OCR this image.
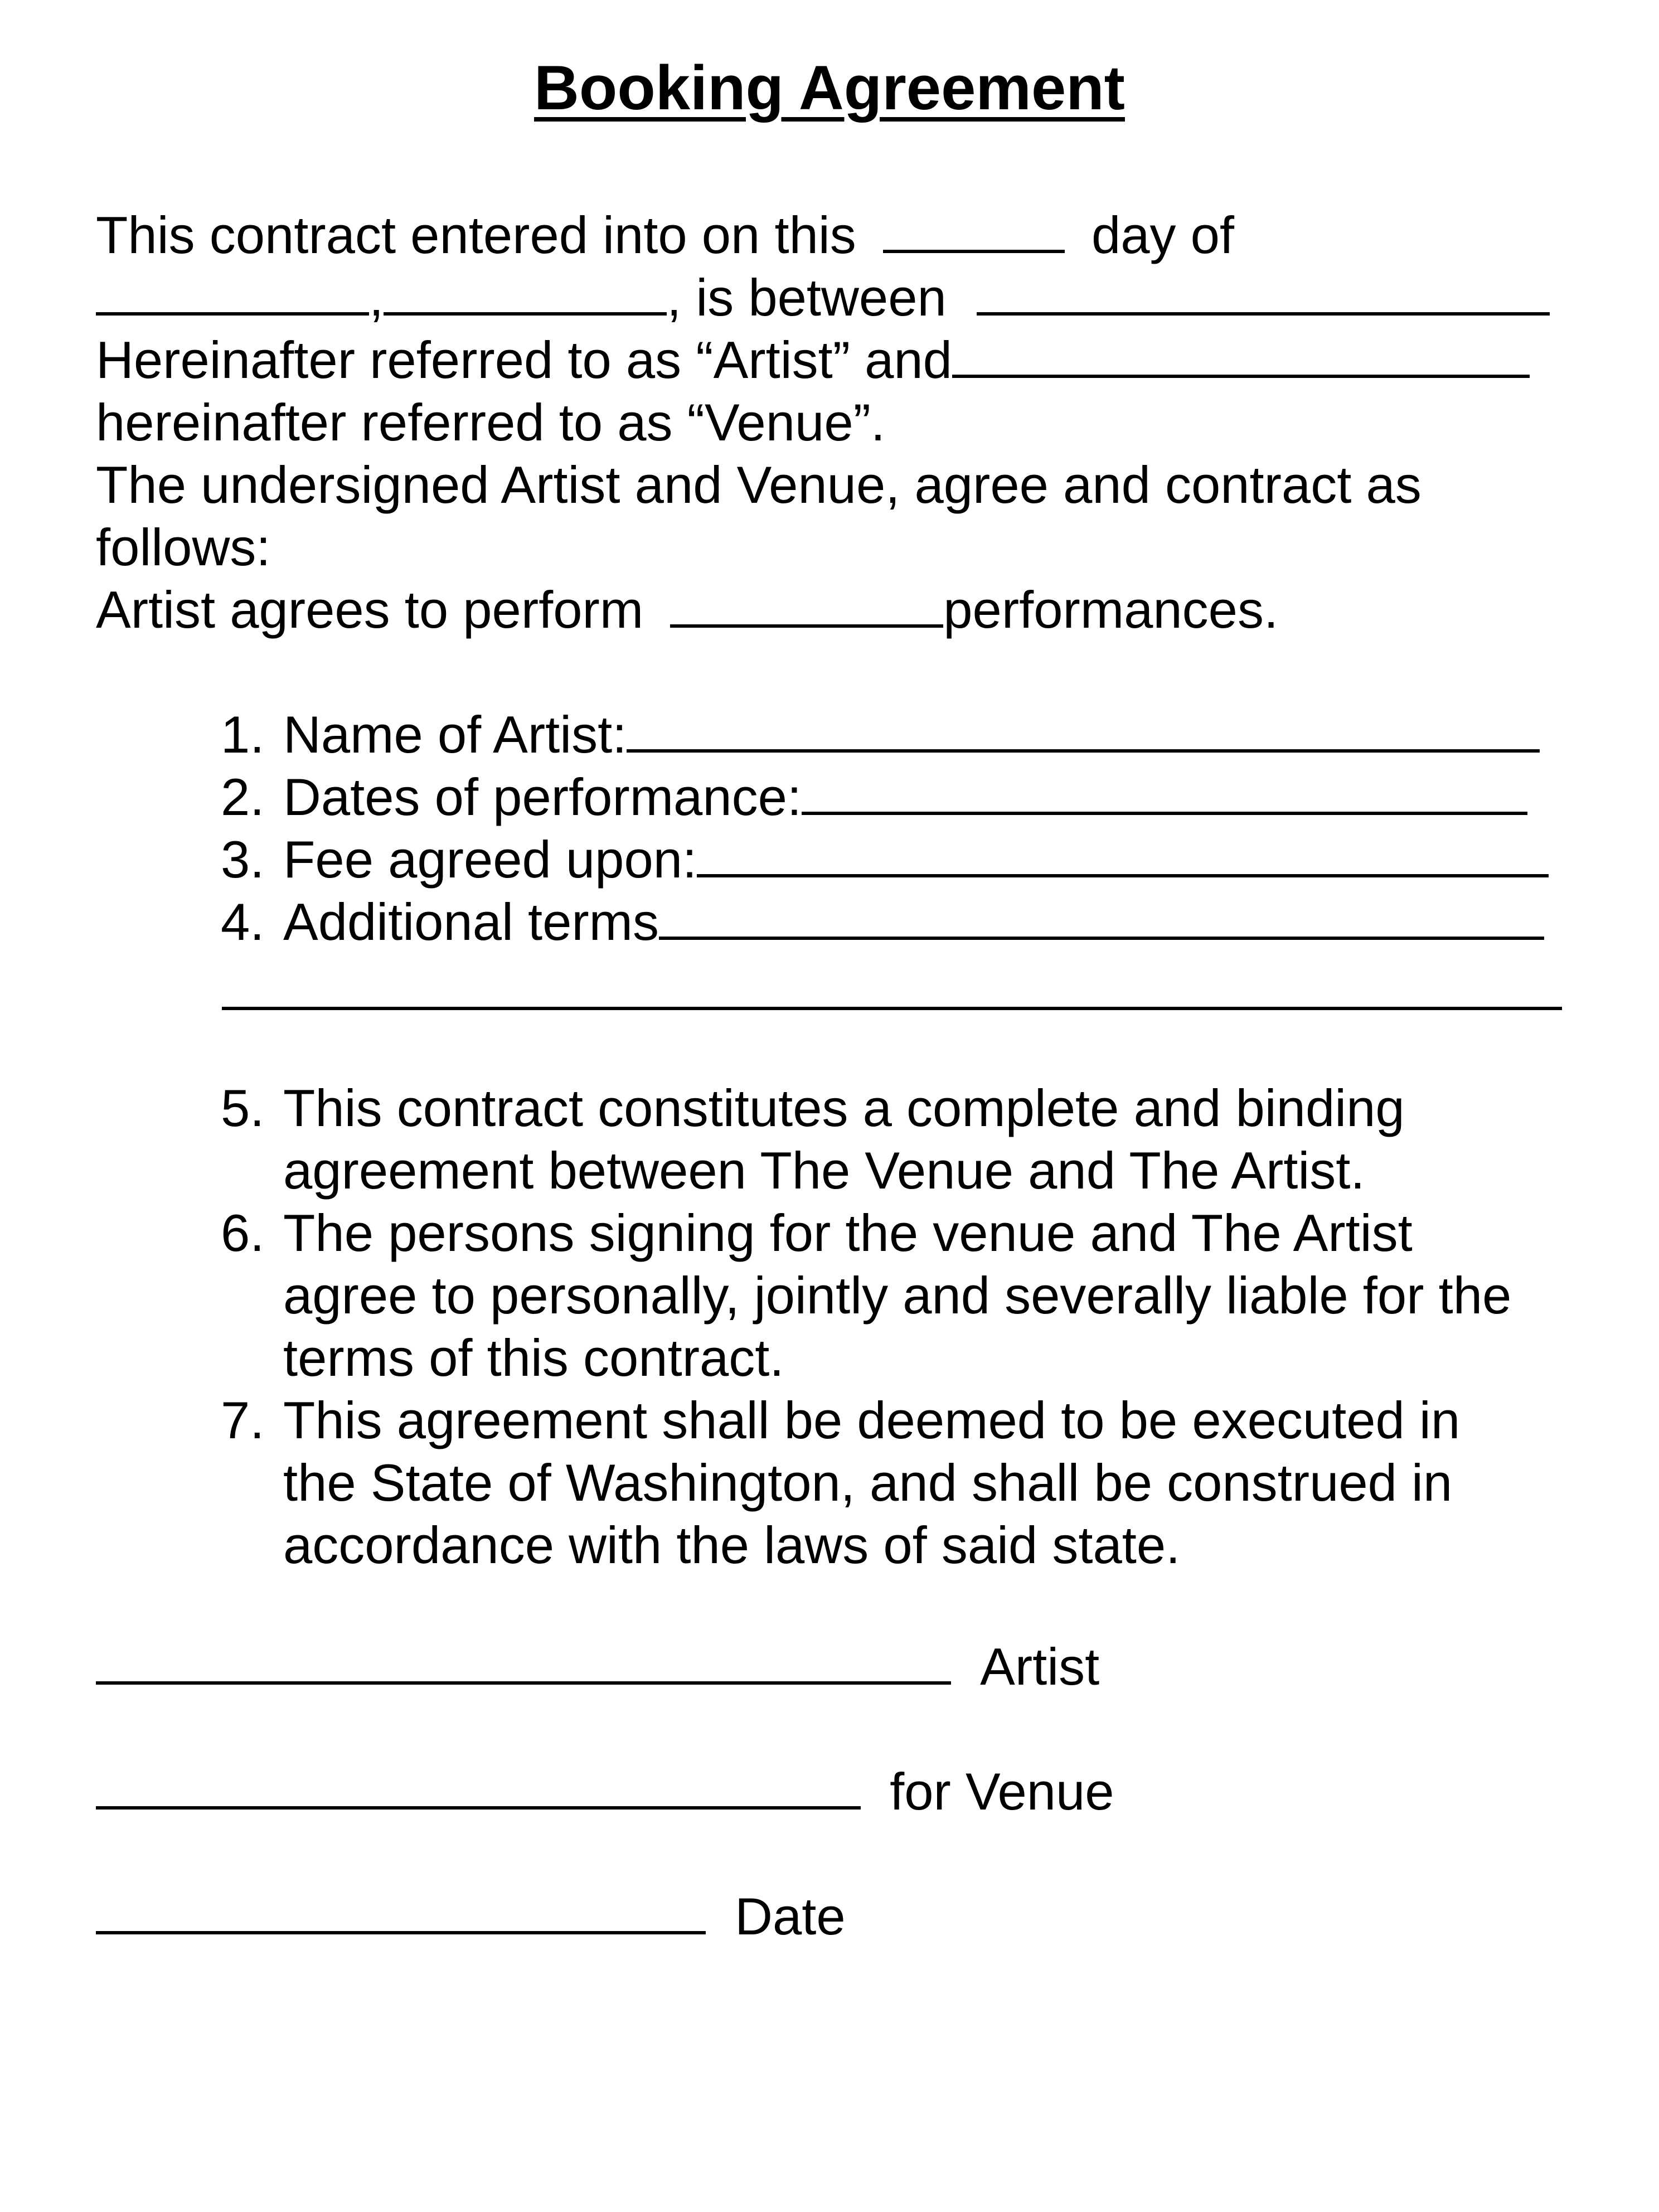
Booking Agreement
This contract entered into on this	day of
,	, is between
Hereinafter referred to as “Artist” and
hereinafter referred to as “Venue”.
The undersigned Artist and Venue, agree and contract as
follows:
Artist agrees to perform	performances.
1. Name of Artist:
2. Dates of performance:
3. Fee agreed upon:
4. Additional terms
5. This contract constitutes a complete and binding
agreement between The Venue and The Artist.
6. The persons signing for the venue and The Artist
agree to personally, jointly and severally liable for the
terms of this contract.
7. This agreement shall be deemed to be executed in
the State of Washington, and shall be construed in
accordance with the laws of said state.
Artist
for Venue
Date
